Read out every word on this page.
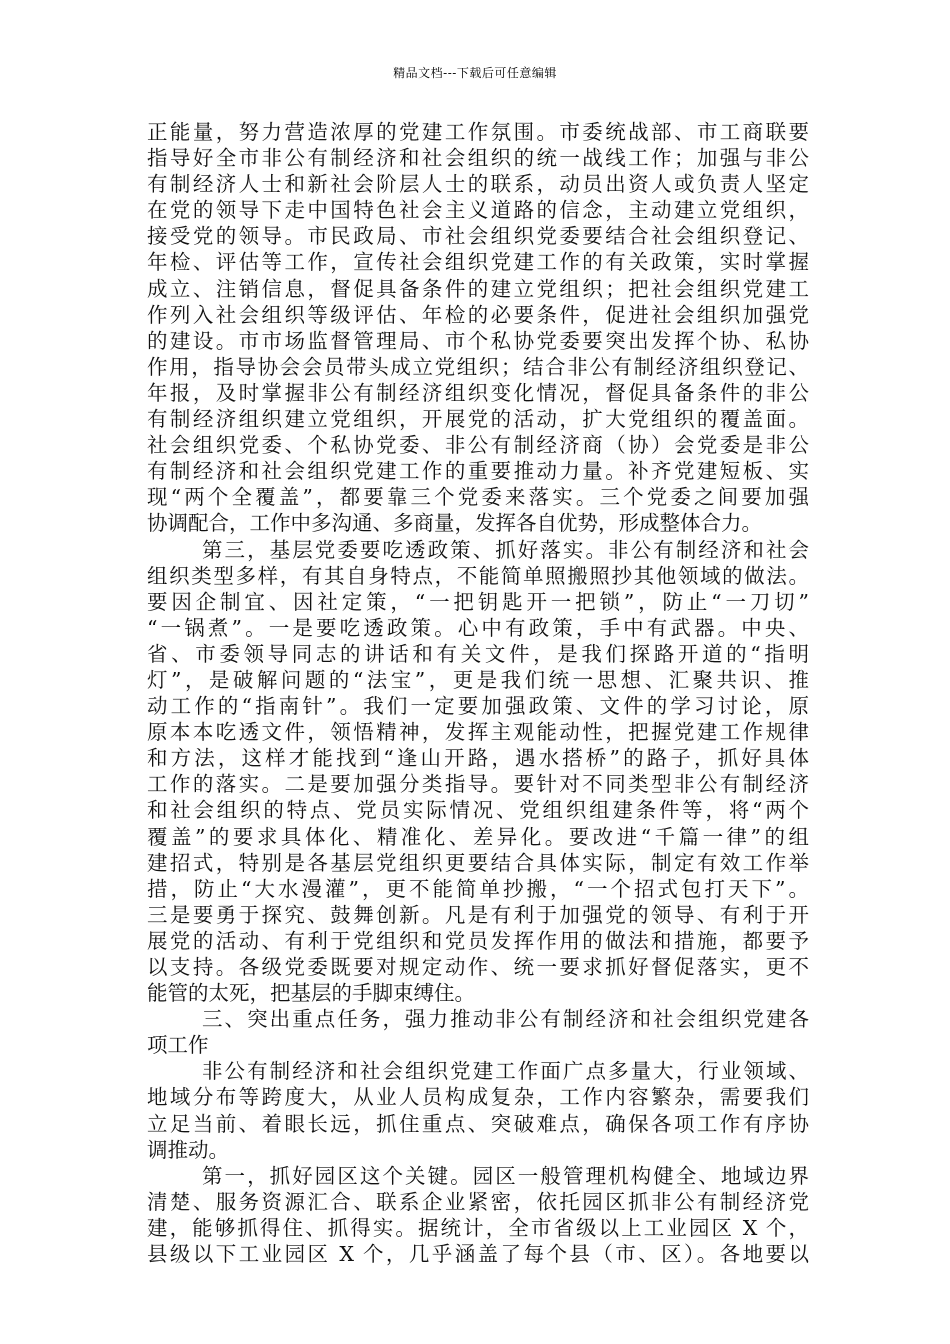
精品文档---下载后可任意编辑
正能量，努力营造浓厚的党建工作氛围。市委统战部、市工商联要
指导好全市非公有制经济和社会组织的统一战线工作；加强与非公
有制经济人士和新社会阶层人士的联系，动员出资人或负责人坚定
在党的领导下走中国特色社会主义道路的信念，主动建立党组织，
接受党的领导。市民政局、市社会组织党委要结合社会组织登记、
年检、评估等工作，宣传社会组织党建工作的有关政策，实时掌握
成立、注销信息，督促具备条件的建立党组织；把社会组织党建工
作列入社会组织等级评估、年检的必要条件，促进社会组织加强党
的建设。市市场监督管理局、市个私协党委要突出发挥个协、私协
作用，指导协会会员带头成立党组织；结合非公有制经济组织登记、
年报，及时掌握非公有制经济组织变化情况，督促具备条件的非公
有制经济组织建立党组织，开展党的活动，扩大党组织的覆盖面。
社会组织党委、个私协党委、非公有制经济商（协）会党委是非公
有制经济和社会组织党建工作的重要推动力量。补齐党建短板、实
现“两个全覆盖”，都要靠三个党委来落实。三个党委之间要加强
协调配合，工作中多沟通、多商量，发挥各自优势，形成整体合力。
第三，基层党委要吃透政策、抓好落实。非公有制经济和社会
组织类型多样，有其自身特点，不能简单照搬照抄其他领域的做法。
要因企制宜、因社定策，“一把钥匙开一把锁”，防止“一刀切”
“一锅煮”。一是要吃透政策。心中有政策，手中有武器。中央、
省、市委领导同志的讲话和有关文件，是我们探路开道的“指明
灯”，是破解问题的“法宝”，更是我们统一思想、汇聚共识、推
动工作的“指南针”。我们一定要加强政策、文件的学习讨论，原
原本本吃透文件，领悟精神，发挥主观能动性，把握党建工作规律
和方法，这样才能找到“逢山开路，遇水搭桥”的路子，抓好具体
工作的落实。二是要加强分类指导。要针对不同类型非公有制经济
和社会组织的特点、党员实际情况、党组织组建条件等，将“两个
覆盖”的要求具体化、精准化、差异化。要改进“千篇一律”的组
建招式，特别是各基层党组织更要结合具体实际，制定有效工作举
措，防止“大水漫灌”，更不能简单抄搬，“一个招式包打天下”。
三是要勇于探究、鼓舞创新。凡是有利于加强党的领导、有利于开
展党的活动、有利于党组织和党员发挥作用的做法和措施，都要予
以支持。各级党委既要对规定动作、统一要求抓好督促落实，更不
能管的太死，把基层的手脚束缚住。
三、突出重点任务，强力推动非公有制经济和社会组织党建各
项工作
非公有制经济和社会组织党建工作面广点多量大，行业领域、
地域分布等跨度大，从业人员构成复杂，工作内容繁杂，需要我们
立足当前、着眼长远，抓住重点、突破难点，确保各项工作有序协
调推动。
第一，抓好园区这个关键。园区一般管理机构健全、地域边界
清楚、服务资源汇合、联系企业紧密，依托园区抓非公有制经济党
建，能够抓得住、抓得实。据统计，全市省级以上工业园区 X 个，
县级以下工业园区 X 个，几乎涵盖了每个县（市、区）。各地要以
